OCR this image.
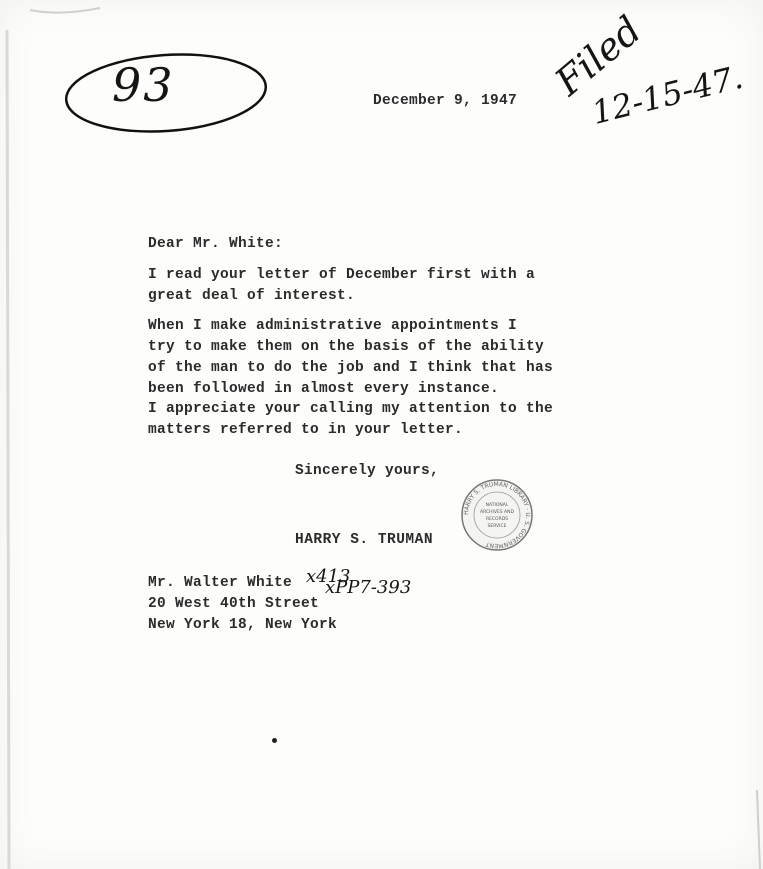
93	December 9, 1947 Filed
12-15-47.
Dear Mr. White:
I read your letter of December first with a
great deal of interest.
When I make administrative appointments I
try to make them on the basis of the ability
of the man to do the job and I think that has
been followed in almost every instance.
I appreciate your calling my attention to the
matters referred to in your letter.
Sincerely yours,
HARRY S. TRUMAN LIBRARY · U. S. GOVERNMENT
NATIONAL
ARCHIVES AND
RECORDS
SERVICE
HARRY S. TRUMAN
Mr. Walter White
20 West 40th Street
New York 18, New York
x413
xPP7-393
